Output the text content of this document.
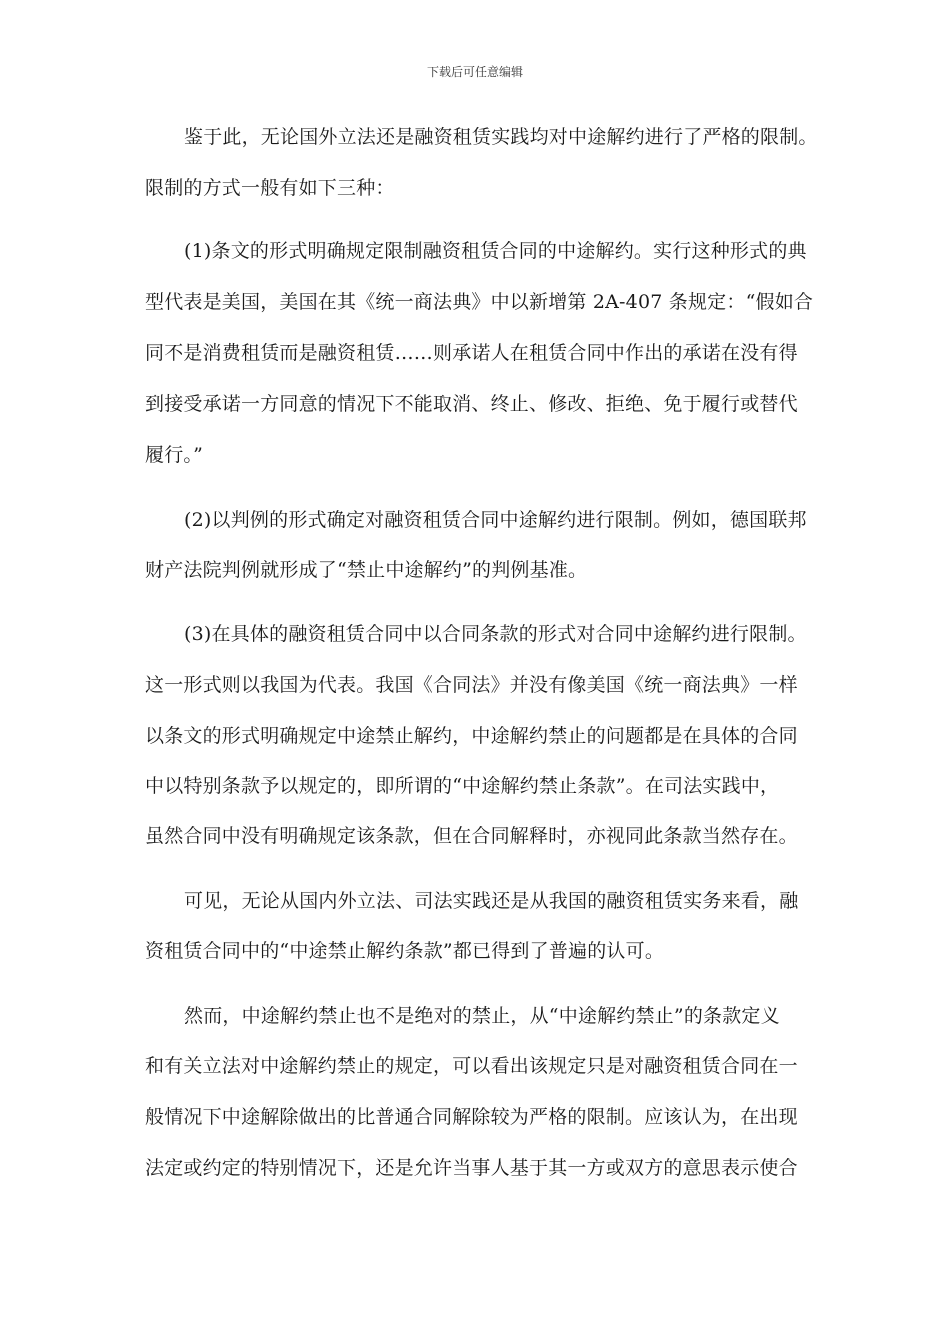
下载后可任意编辑
鉴于此，无论国外立法还是融资租赁实践均对中途解约进行了严格的限制。
限制的方式一般有如下三种：
(1)条文的形式明确规定限制融资租赁合同的中途解约。实行这种形式的典
型代表是美国，美国在其《统一商法典》中以新增第 2A-407 条规定：“假如合
同不是消费租赁而是融资租赁……则承诺人在租赁合同中作出的承诺在没有得
到接受承诺一方同意的情况下不能取消、终止、修改、拒绝、免于履行或替代
履行。”
(2)以判例的形式确定对融资租赁合同中途解约进行限制。例如，德国联邦
财产法院判例就形成了“禁止中途解约”的判例基准。
(3)在具体的融资租赁合同中以合同条款的形式对合同中途解约进行限制。
这一形式则以我国为代表。我国《合同法》并没有像美国《统一商法典》一样
以条文的形式明确规定中途禁止解约，中途解约禁止的问题都是在具体的合同
中以特别条款予以规定的，即所谓的“中途解约禁止条款”。在司法实践中，
虽然合同中没有明确规定该条款，但在合同解释时，亦视同此条款当然存在。
可见，无论从国内外立法、司法实践还是从我国的融资租赁实务来看，融
资租赁合同中的“中途禁止解约条款”都已得到了普遍的认可。
然而，中途解约禁止也不是绝对的禁止，从“中途解约禁止”的条款定义
和有关立法对中途解约禁止的规定，可以看出该规定只是对融资租赁合同在一
般情况下中途解除做出的比普通合同解除较为严格的限制。应该认为，在出现
法定或约定的特别情况下，还是允许当事人基于其一方或双方的意思表示使合
